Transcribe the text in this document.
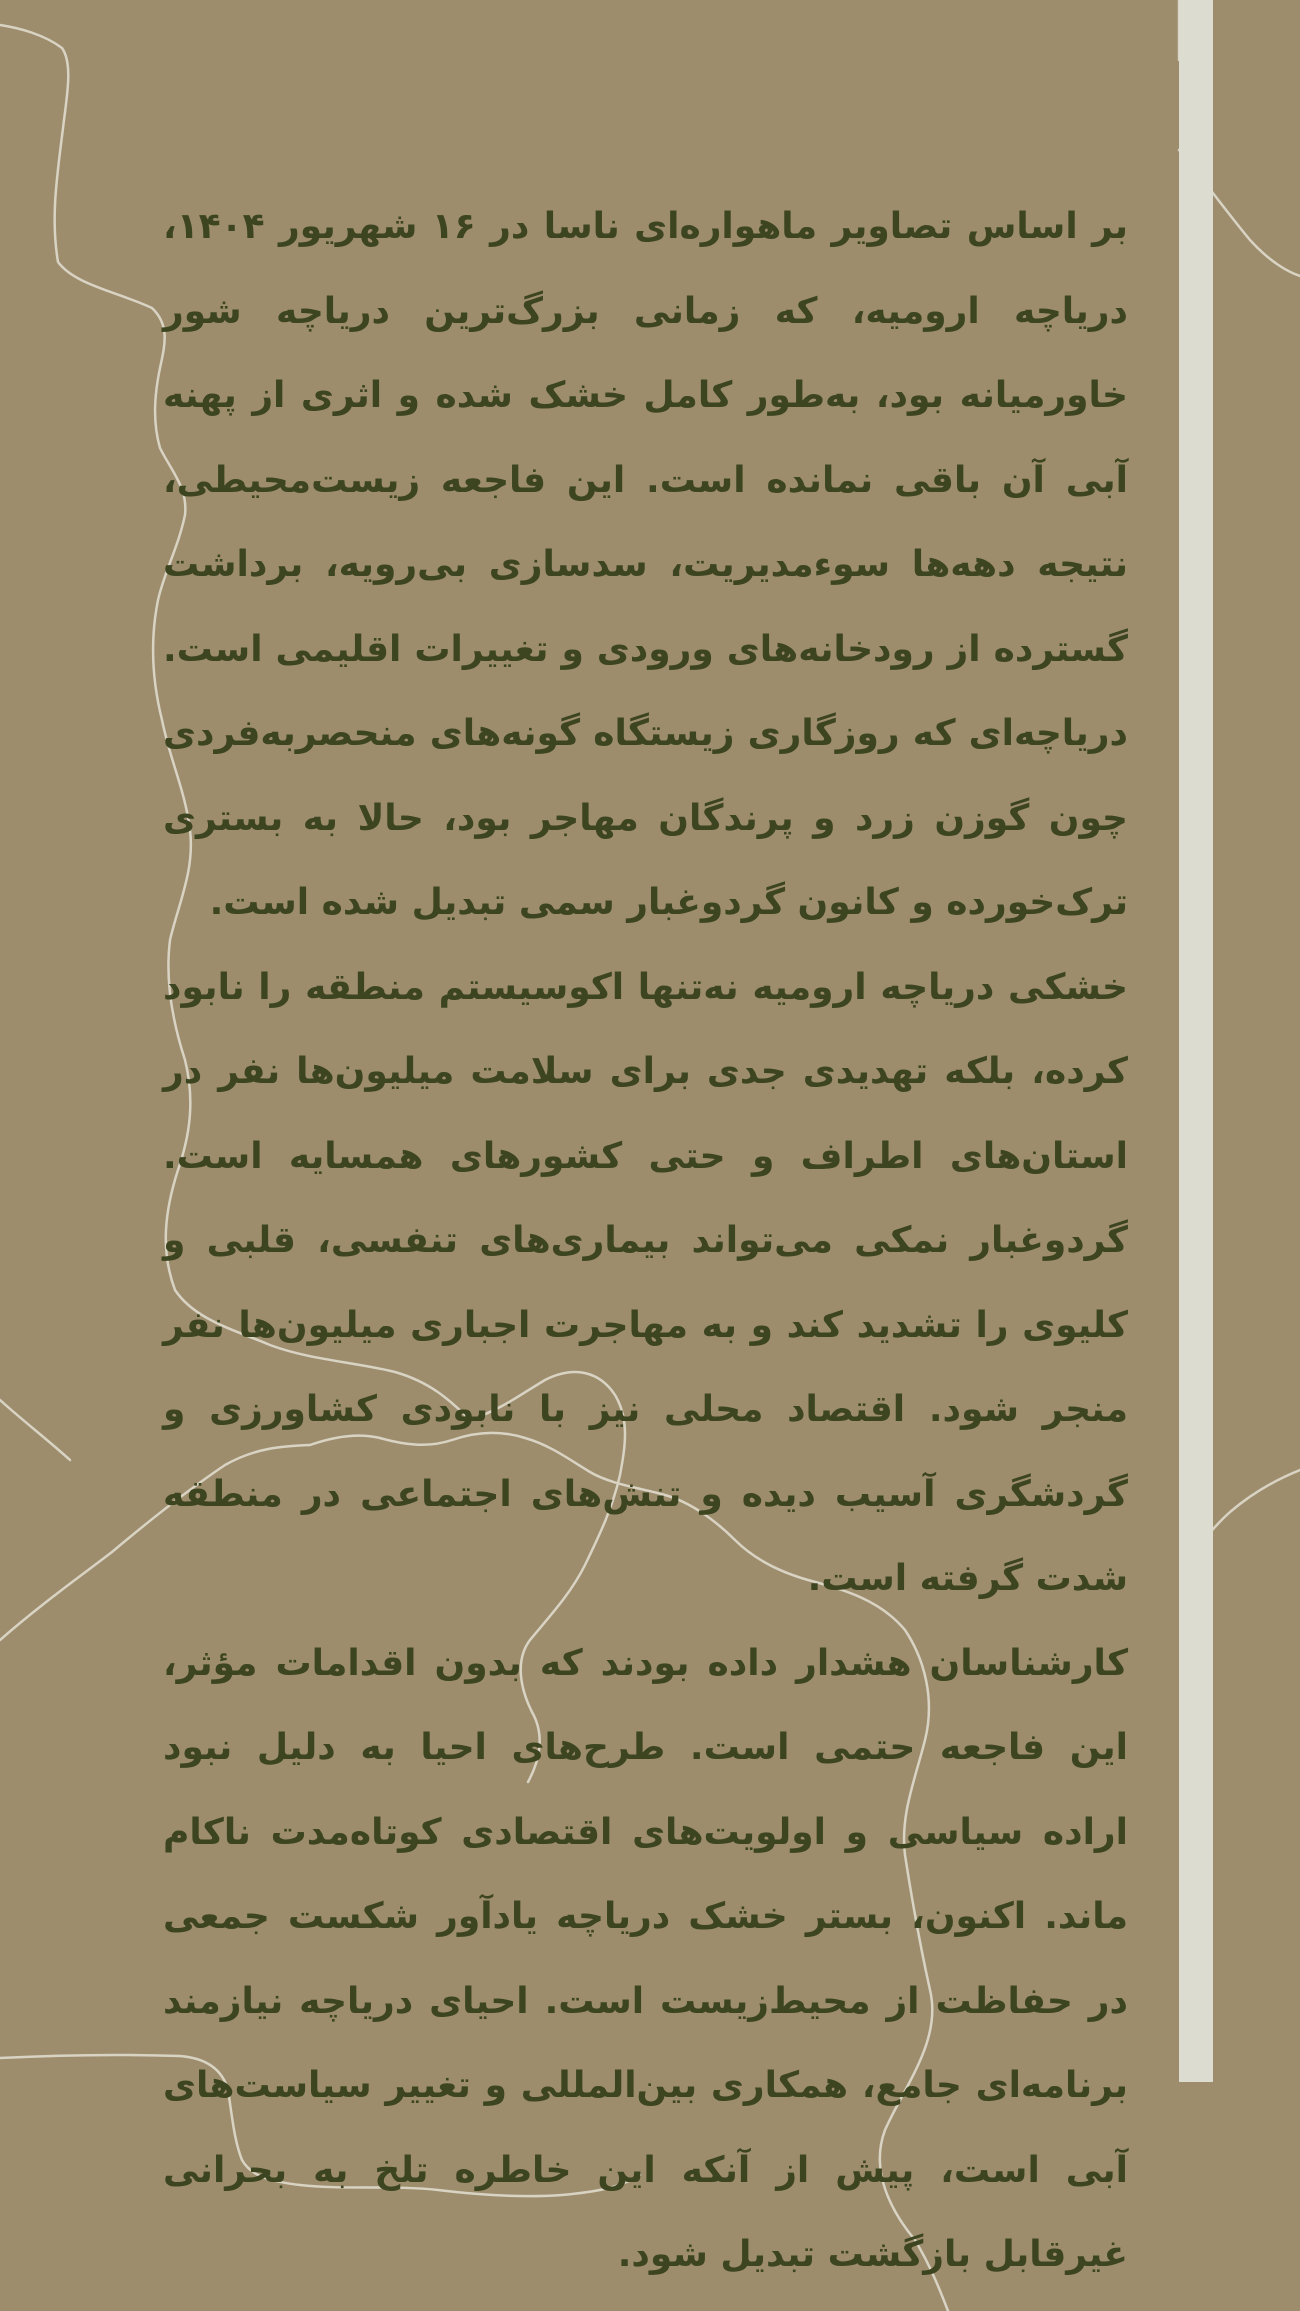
بر اساس تصاویر ماهواره‌ای ناسا در ۱۶ شهریور ۱۴۰۴، دریاچه ارومیه، که زمانی بزرگ‌ترین دریاچه شور خاورمیانه بود، به‌طور کامل خشک شده و اثری از پهنه آبی آن باقی نمانده است. این فاجعه زیست‌محیطی، نتیجه دهه‌ها سوء‌مدیریت، سدسازی بی‌رویه، برداشت گسترده از رودخانه‌های ورودی و تغییرات اقلیمی است. دریاچه‌ای که روزگاری زیستگاه گونه‌های منحصربه‌فردی چون گوزن زرد و پرندگان مهاجر بود، حالا به بستری ترک‌خورده و کانون گردوغبار سمی تبدیل شده است.

خشکی دریاچه ارومیه نه‌تنها اکوسیستم منطقه را نابود کرده، بلکه تهدیدی جدی برای سلامت میلیون‌ها نفر در استان‌های اطراف و حتی کشورهای همسایه است. گردوغبار نمکی می‌تواند بیماری‌های تنفسی، قلبی و کلیوی را تشدید کند و به مهاجرت اجباری میلیون‌ها نفر منجر شود. اقتصاد محلی نیز با نابودی کشاورزی و گردشگری آسیب دیده و تنش‌های اجتماعی در منطقه شدت گرفته است.

کارشناسان هشدار داده بودند که بدون اقدامات مؤثر، این فاجعه حتمی است. طرح‌های احیا به دلیل نبود اراده سیاسی و اولویت‌های اقتصادی کوتاه‌مدت ناکام ماند. اکنون، بستر خشک دریاچه یادآور شکست جمعی در حفاظت از محیط‌زیست است. احیای دریاچه نیازمند برنامه‌ای جامع، همکاری بین‌المللی و تغییر سیاست‌های آبی است، پیش از آنکه این خاطره تلخ به بحرانی غیرقابل بازگشت تبدیل شود.
